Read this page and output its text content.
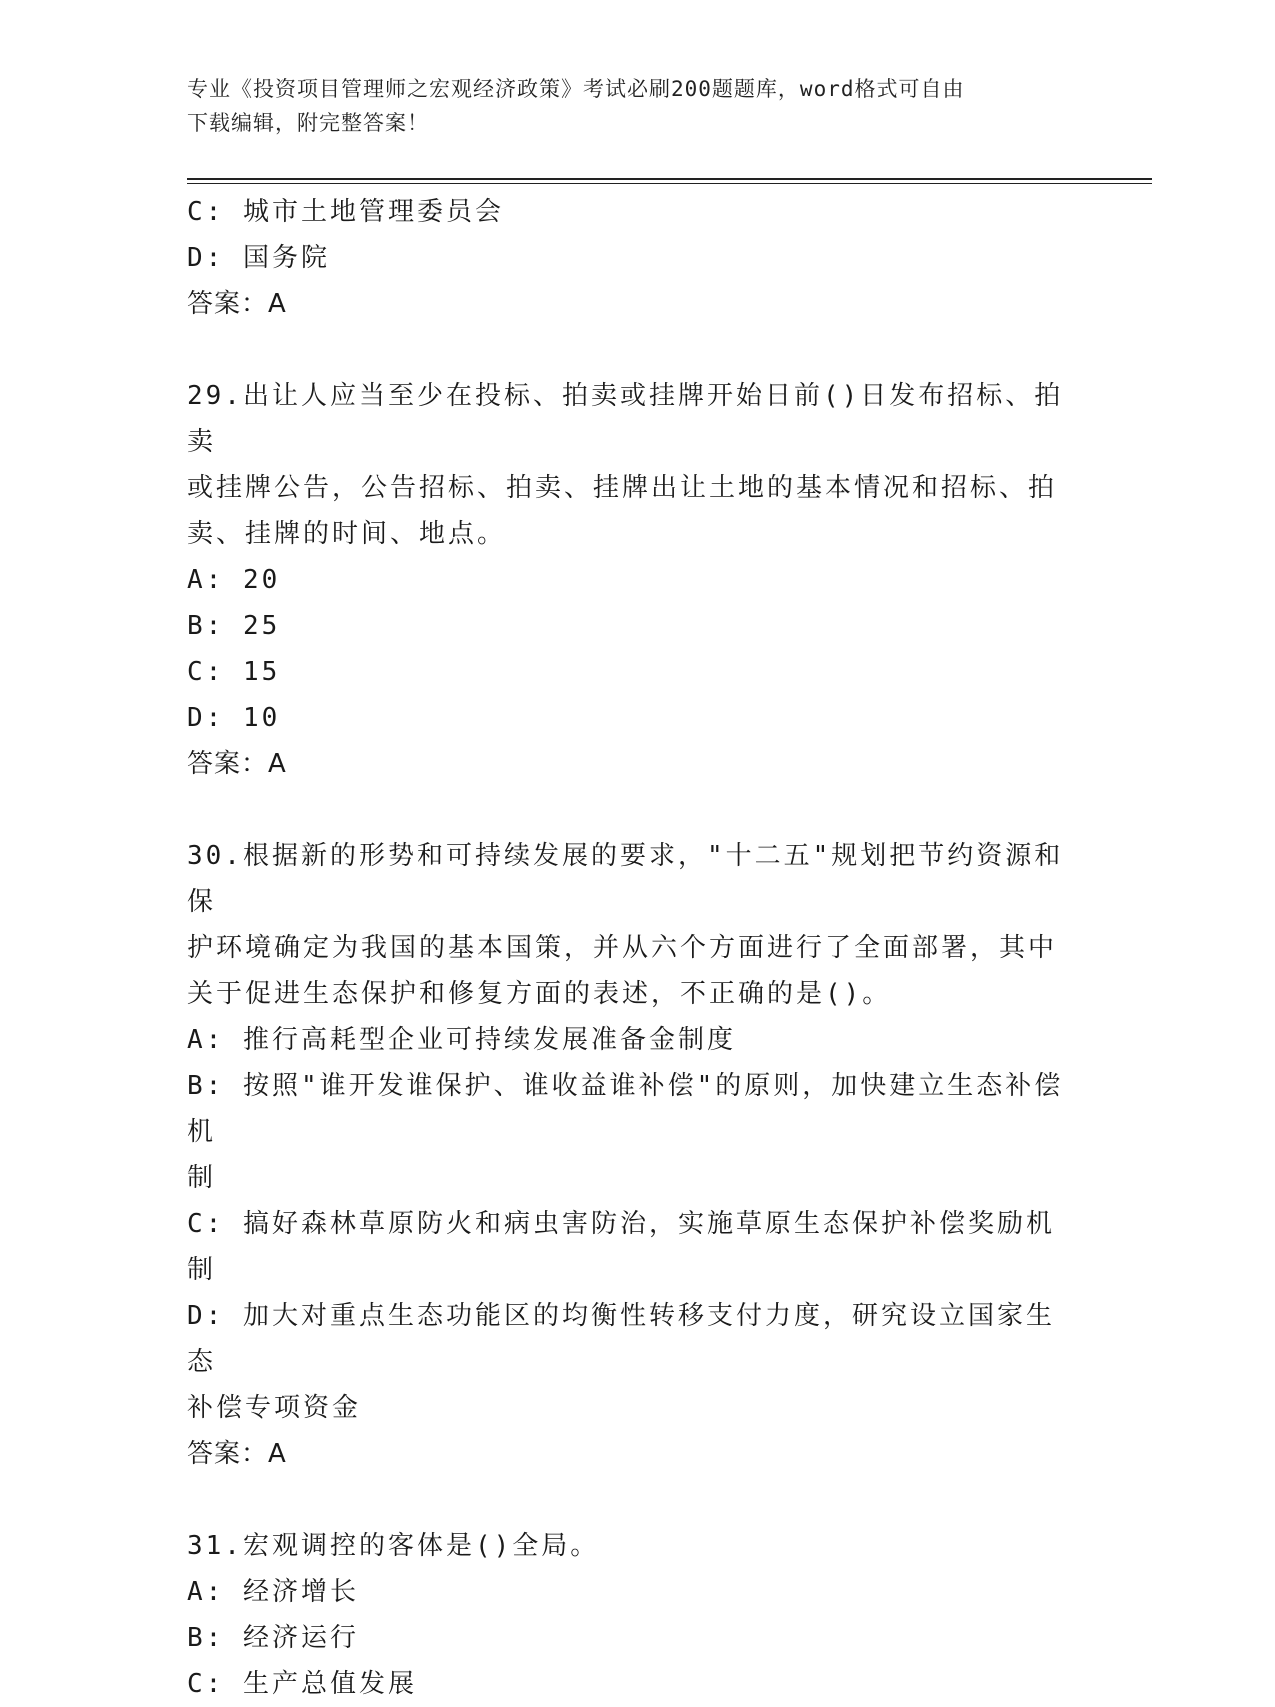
专业《投资项目管理师之宏观经济政策》考试必刷200题题库，word格式可自由
下载编辑，附完整答案！

C: 城市土地管理委员会

D: 国务院

答案：A

29.出让人应当至少在投标、拍卖或挂牌开始日前()日发布招标、拍卖

或挂牌公告，公告招标、拍卖、挂牌出让土地的基本情况和招标、拍

卖、挂牌的时间、地点。

A: 20

B: 25

C: 15

D: 10

答案：A

30.根据新的形势和可持续发展的要求，"十二五"规划把节约资源和保

护环境确定为我国的基本国策，并从六个方面进行了全面部署，其中

关于促进生态保护和修复方面的表述，不正确的是()。

A: 推行高耗型企业可持续发展准备金制度

B: 按照"谁开发谁保护、谁收益谁补偿"的原则，加快建立生态补偿机

制

C: 搞好森林草原防火和病虫害防治，实施草原生态保护补偿奖励机制

D: 加大对重点生态功能区的均衡性转移支付力度，研究设立国家生态

补偿专项资金

答案：A

31.宏观调控的客体是()全局。

A: 经济增长

B: 经济运行

C: 生产总值发展
